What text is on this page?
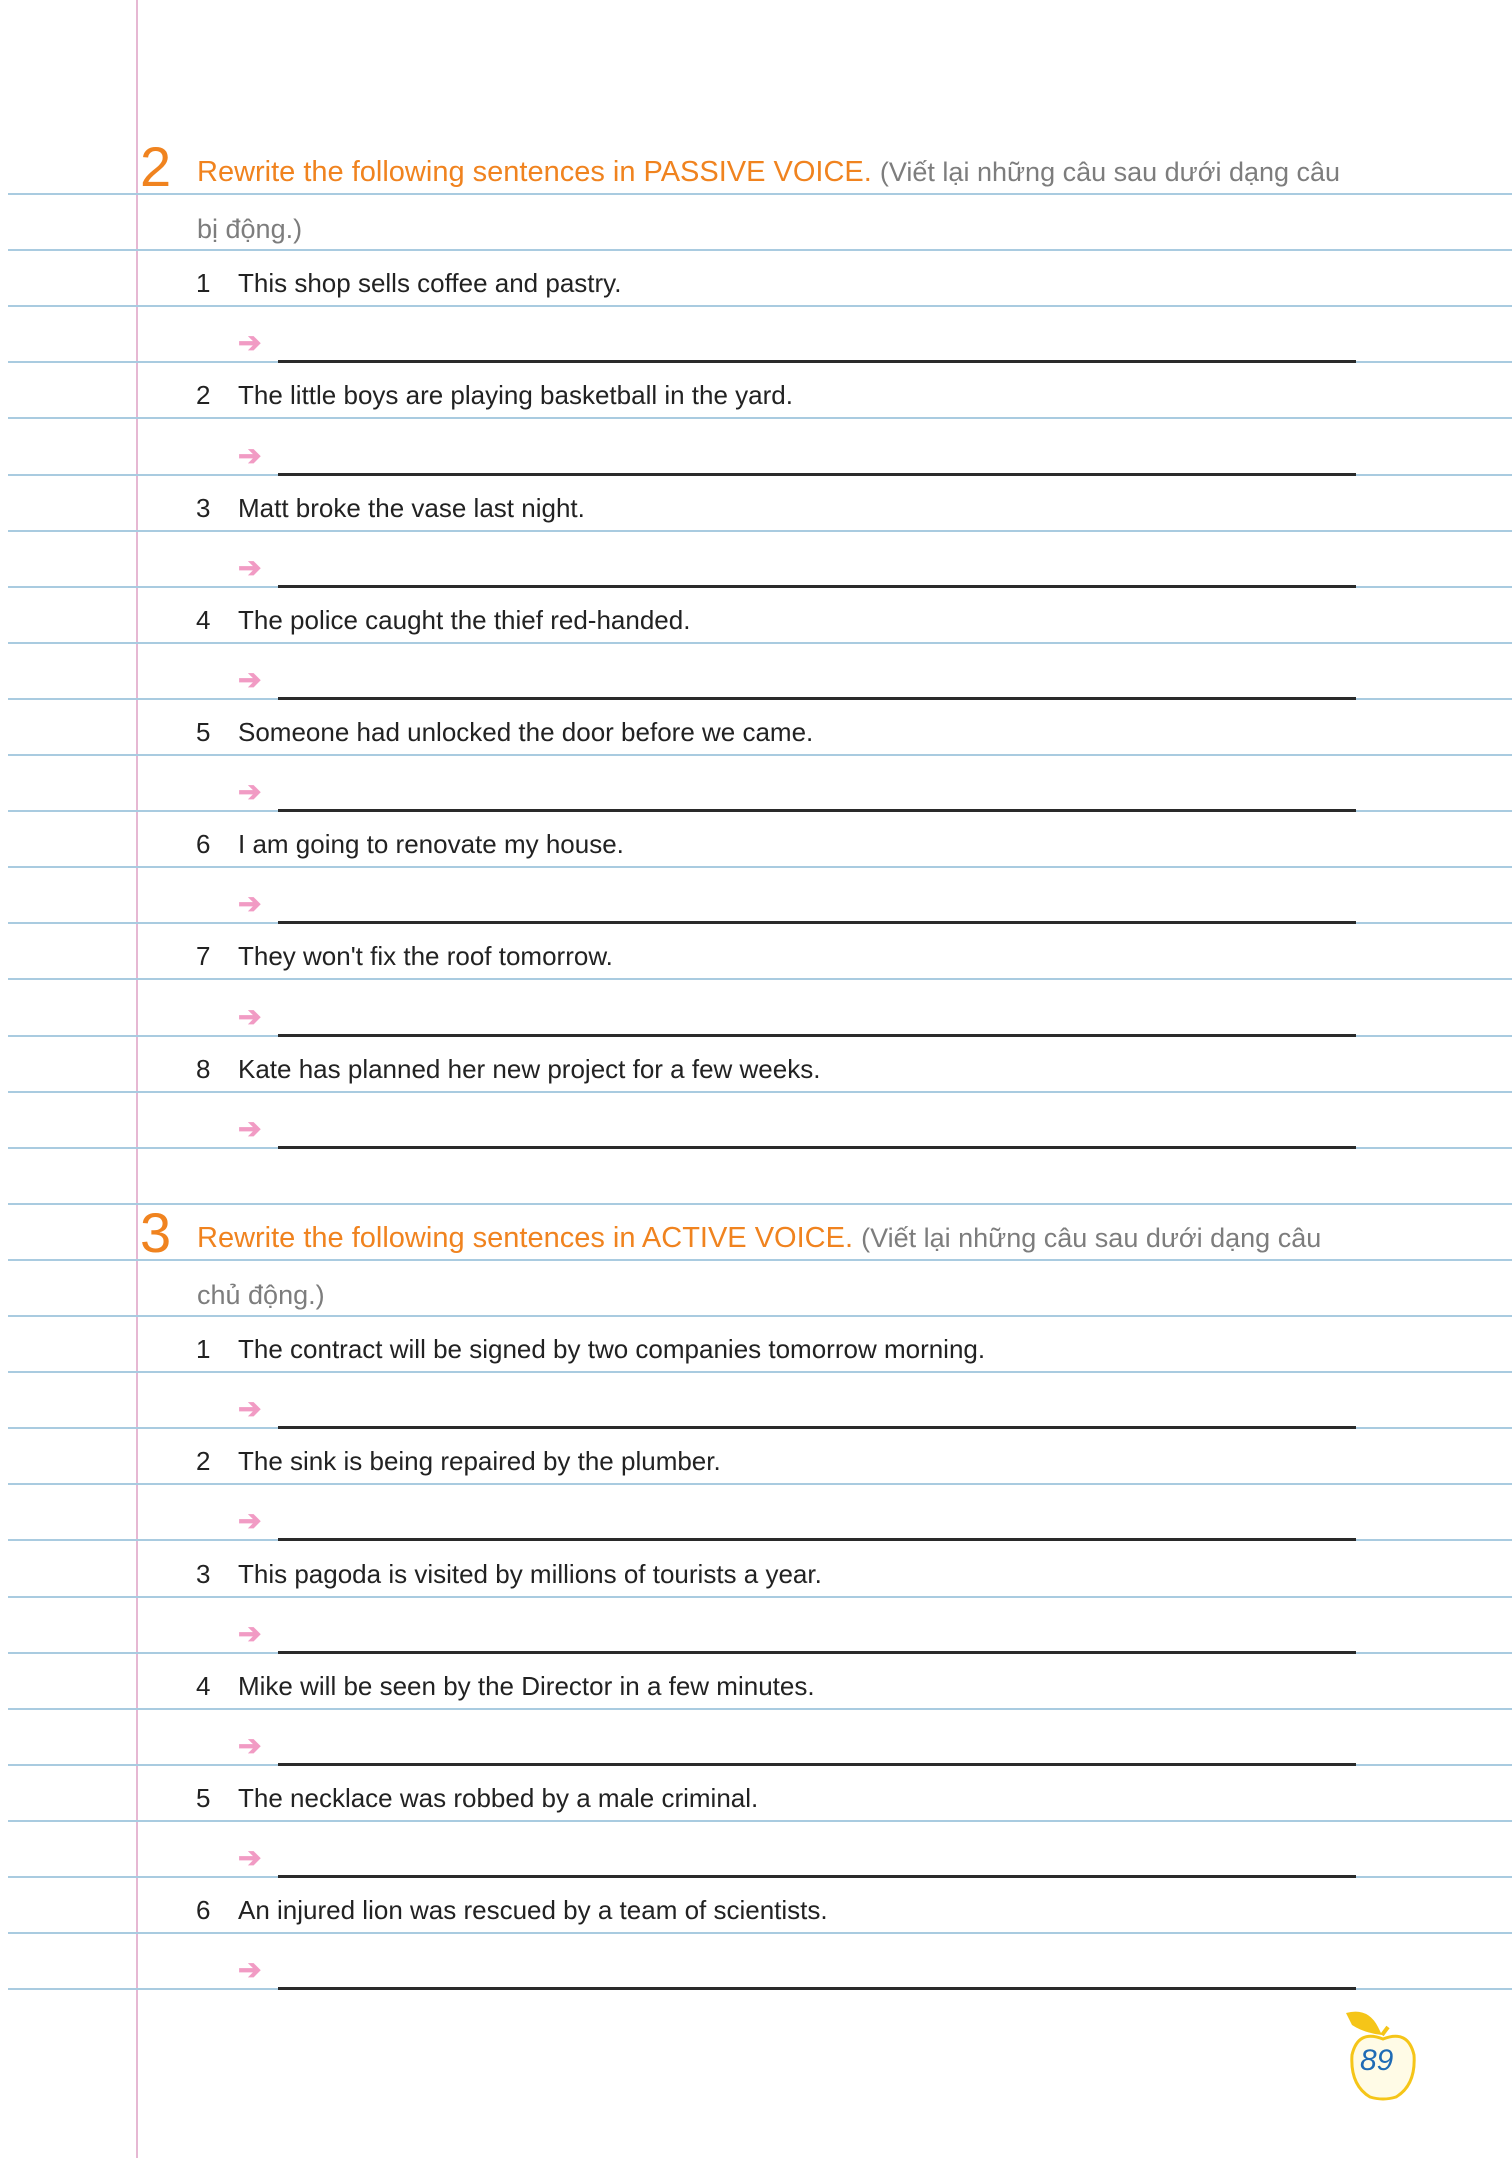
2 Rewrite the following sentences in PASSIVE VOICE. (Viết lại những câu sau dưới dạng câu
bị động.)
1 This shop sells coffee and pastry.
➔
2 The little boys are playing basketball in the yard.
➔
3 Matt broke the vase last night.
➔
4 The police caught the thief red-handed.
➔
5 Someone had unlocked the door before we came.
➔
6 I am going to renovate my house.
➔
7 They won't fix the roof tomorrow.
➔
8 Kate has planned her new project for a few weeks.
➔
3 Rewrite the following sentences in ACTIVE VOICE. (Viết lại những câu sau dưới dạng câu
chủ động.)
1 The contract will be signed by two companies tomorrow morning.
➔
2 The sink is being repaired by the plumber.
➔
3 This pagoda is visited by millions of tourists a year.
➔
4 Mike will be seen by the Director in a few minutes.
➔
5 The necklace was robbed by a male criminal.
➔
6 An injured lion was rescued by a team of scientists.
➔
89
